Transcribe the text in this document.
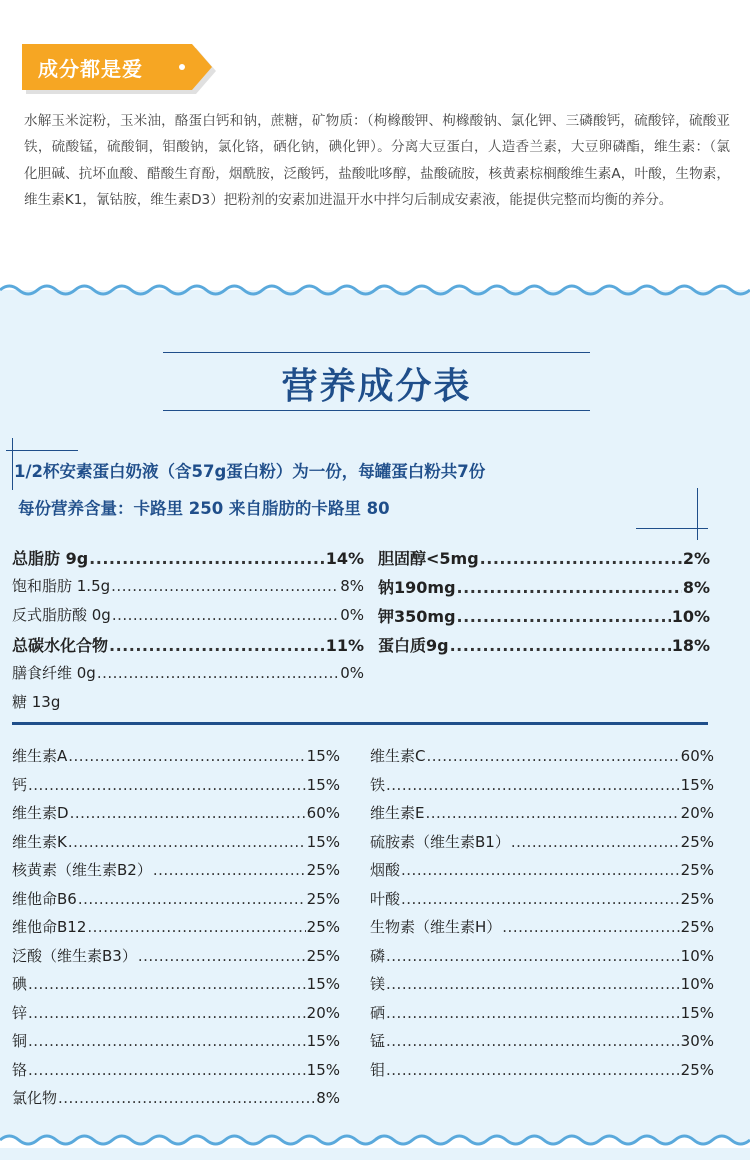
成分都是爱

水解玉米淀粉，玉米油，酪蛋白钙和钠，蔗糖，矿物质：（枸橼酸钾、枸橼酸钠、氯化钾、三磷酸钙，硫酸锌，硫酸亚铁，硫酸锰，硫酸铜，钼酸钠，氯化铬，硒化钠，碘化钾）。分离大豆蛋白，人造香兰素，大豆卵磷酯，维生素：（氯化胆碱、抗坏血酸、醋酸生育酚，烟酰胺，泛酸钙，盐酸吡哆醇，盐酸硫胺，核黄素棕榈酸维生素A，叶酸，生物素，维生素K1，氰钴胺，维生素D3）把粉剂的安素加进温开水中拌匀后制成安素液，能提供完整而均衡的养分。

营养成分表
1/2杯安素蛋白奶液（含57g蛋白粉）为一份，每罐蛋白粉共7份
每份营养含量：卡路里 250 来自脂肪的卡路里 80
总脂肪 9g .....	14%
饱和脂肪 1.5g .....	8%
反式脂肪酸 0g .....	0%
总碳水化合物 .....	11%
膳食纤维 0g .....	0%
糖 13g
胆固醇<5mg .....	2%
钠190mg .....	8%
钾350mg .....	10%
蛋白质9g .....	18%
维生素A .....	15%
钙 .....	15%
维生素D .....	60%
维生素K .....	15%
核黄素（维生素B2） .....	25%
维他命B6 .....	25%
维他命B12 .....	25%
泛酸（维生素B3） .....	25%
碘 .....	15%
锌 .....	20%
铜 .....	15%
铬 .....	15%
氯化物 .....	8%
维生素C .....	60%
铁 .....	15%
维生素E .....	20%
硫胺素（维生素B1） .....	25%
烟酸 .....	25%
叶酸 .....	25%
生物素（维生素H） .....	25%
磷 .....	10%
镁 .....	10%
硒 .....	15%
锰 .....	30%
钼 .....	25%
